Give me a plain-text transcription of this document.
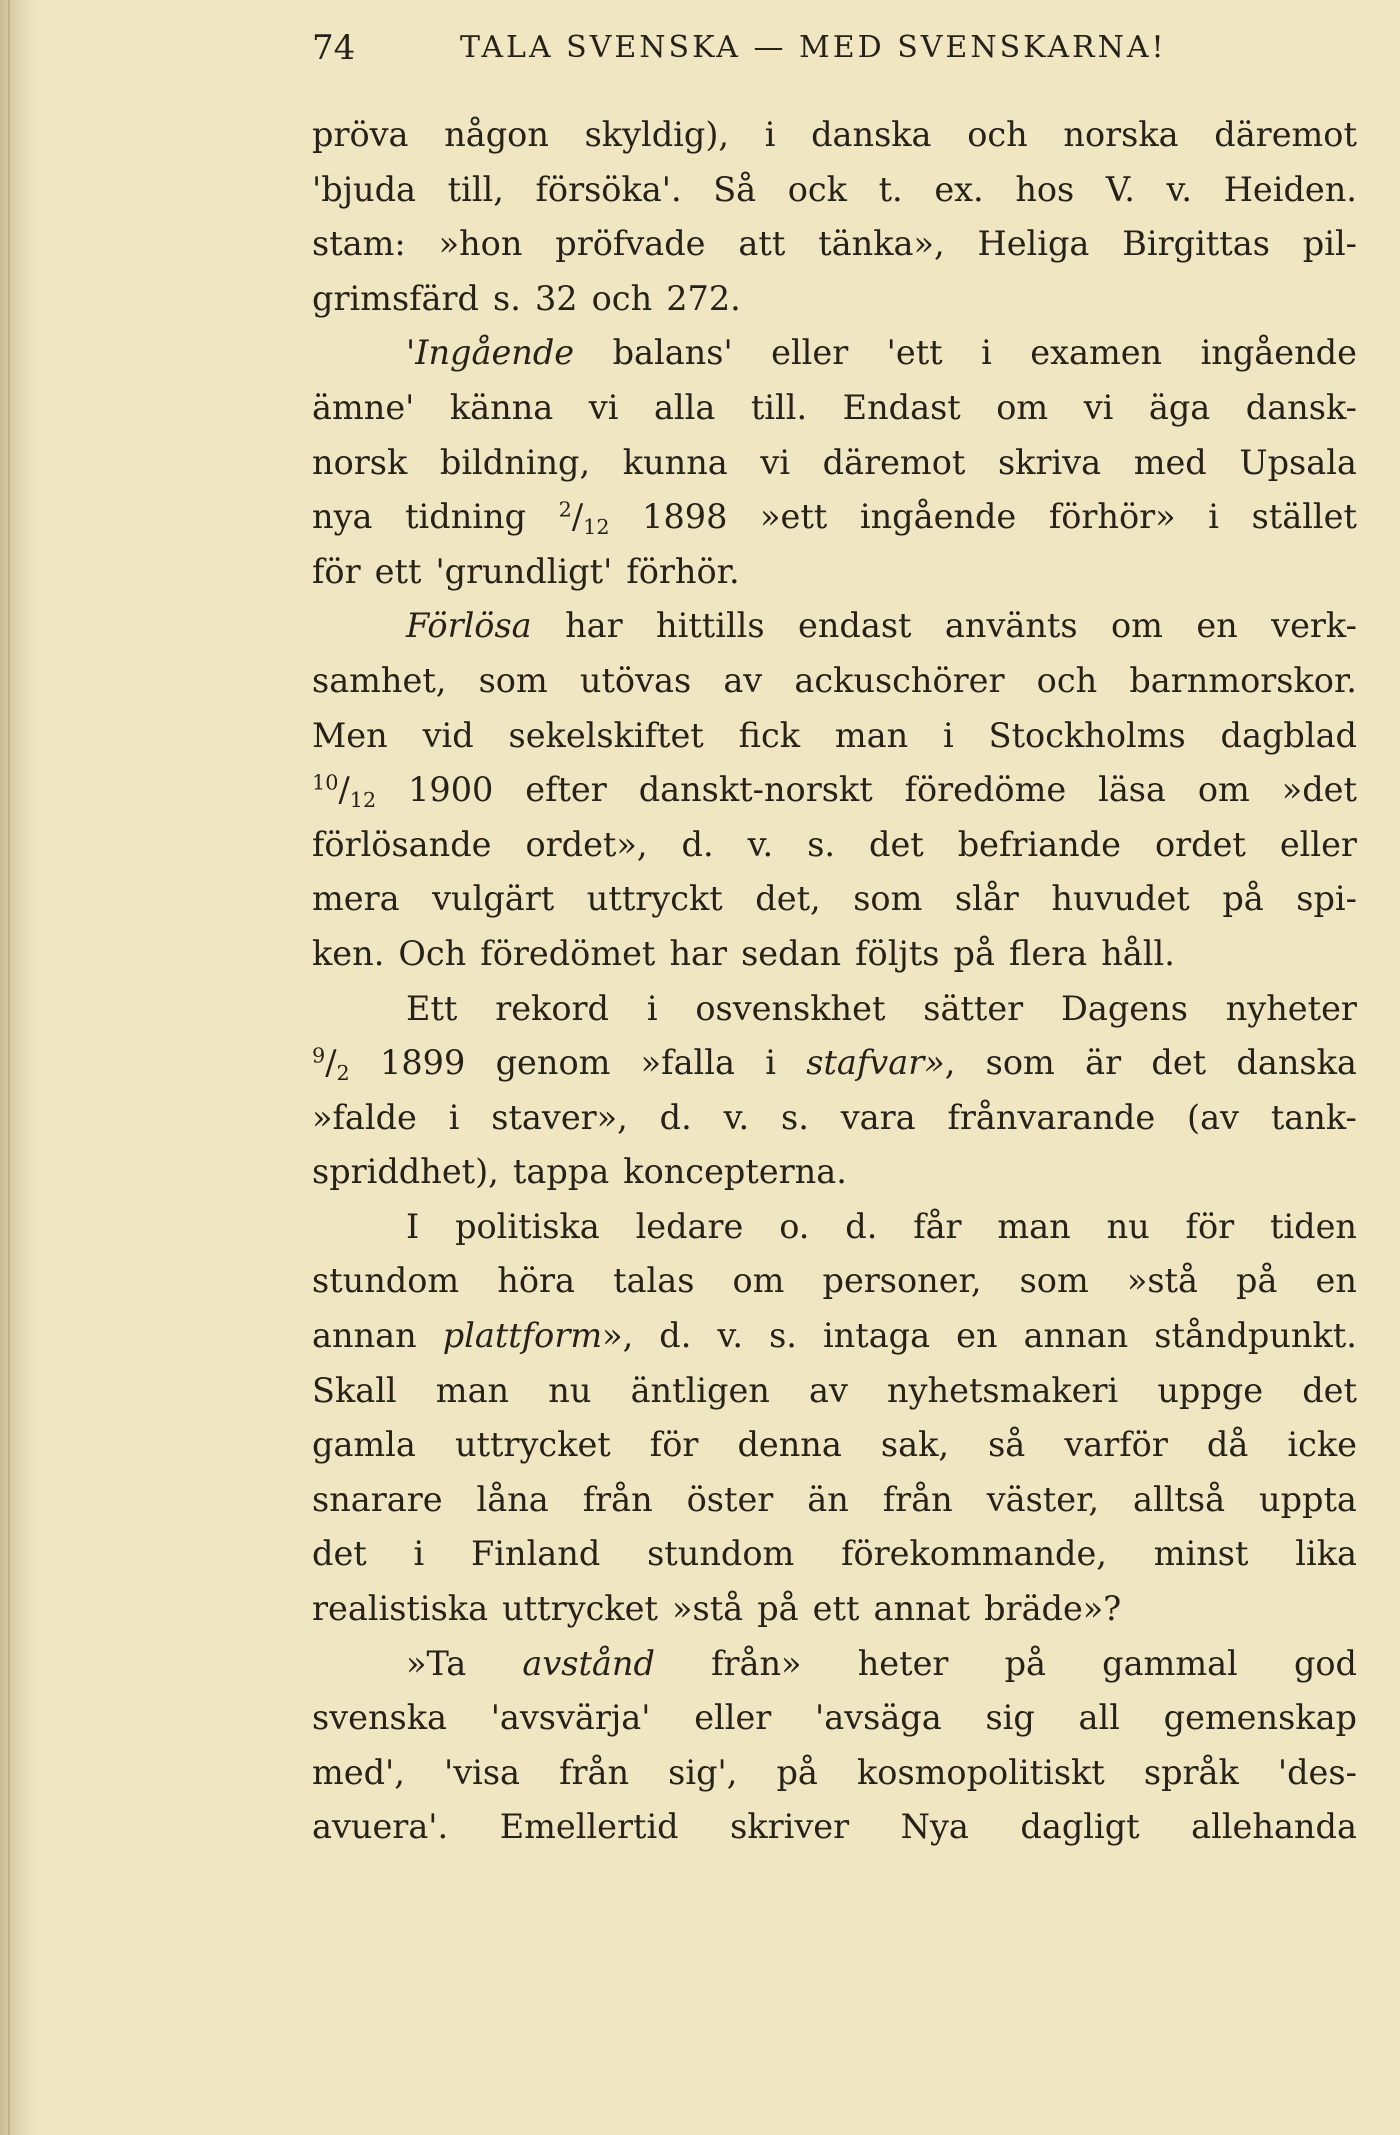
74	TALA SVENSKA — MED SVENSKARNA!
pröva någon skyldig), i danska och norska däremot
'bjuda till, försöka'. Så ock t. ex. hos V. v. Heiden.
stam: »hon pröfvade att tänka», Heliga Birgittas pil-
grimsfärd s. 32 och 272.
'Ingående balans' eller 'ett i examen ingående
ämne' känna vi alla till. Endast om vi äga dansk-
norsk bildning, kunna vi däremot skriva med Upsala
nya tidning $^2/_{12}$ 1898 »ett ingående förhör» i stället
för ett 'grundligt' förhör.
Förlösa har hittills endast använts om en verk-
samhet, som utövas av ackuschörer och barnmorskor.
Men vid sekelskiftet fick man i Stockholms dagblad
$^{10}/_{12}$ 1900 efter danskt-norskt föredöme läsa om »det
förlösande ordet», d. v. s. det befriande ordet eller
mera vulgärt uttryckt det, som slår huvudet på spi-
ken. Och föredömet har sedan följts på flera håll.
Ett rekord i osvenskhet sätter Dagens nyheter
$^9/_2$ 1899 genom »falla i stafvar», som är det danska
»falde i staver», d. v. s. vara frånvarande (av tank-
spriddhet), tappa koncepterna.
I politiska ledare o. d. får man nu för tiden
stundom höra talas om personer, som »stå på en
annan plattform», d. v. s. intaga en annan ståndpunkt.
Skall man nu äntligen av nyhetsmakeri uppge det
gamla uttrycket för denna sak, så varför då icke
snarare låna från öster än från väster, alltså uppta
det i Finland stundom förekommande, minst lika
realistiska uttrycket »stå på ett annat bräde»?
»Ta avstånd från» heter på gammal god
svenska 'avsvärja' eller 'avsäga sig all gemenskap
med', 'visa från sig', på kosmopolitiskt språk 'des-
avuera'. Emellertid skriver Nya dagligt allehanda
